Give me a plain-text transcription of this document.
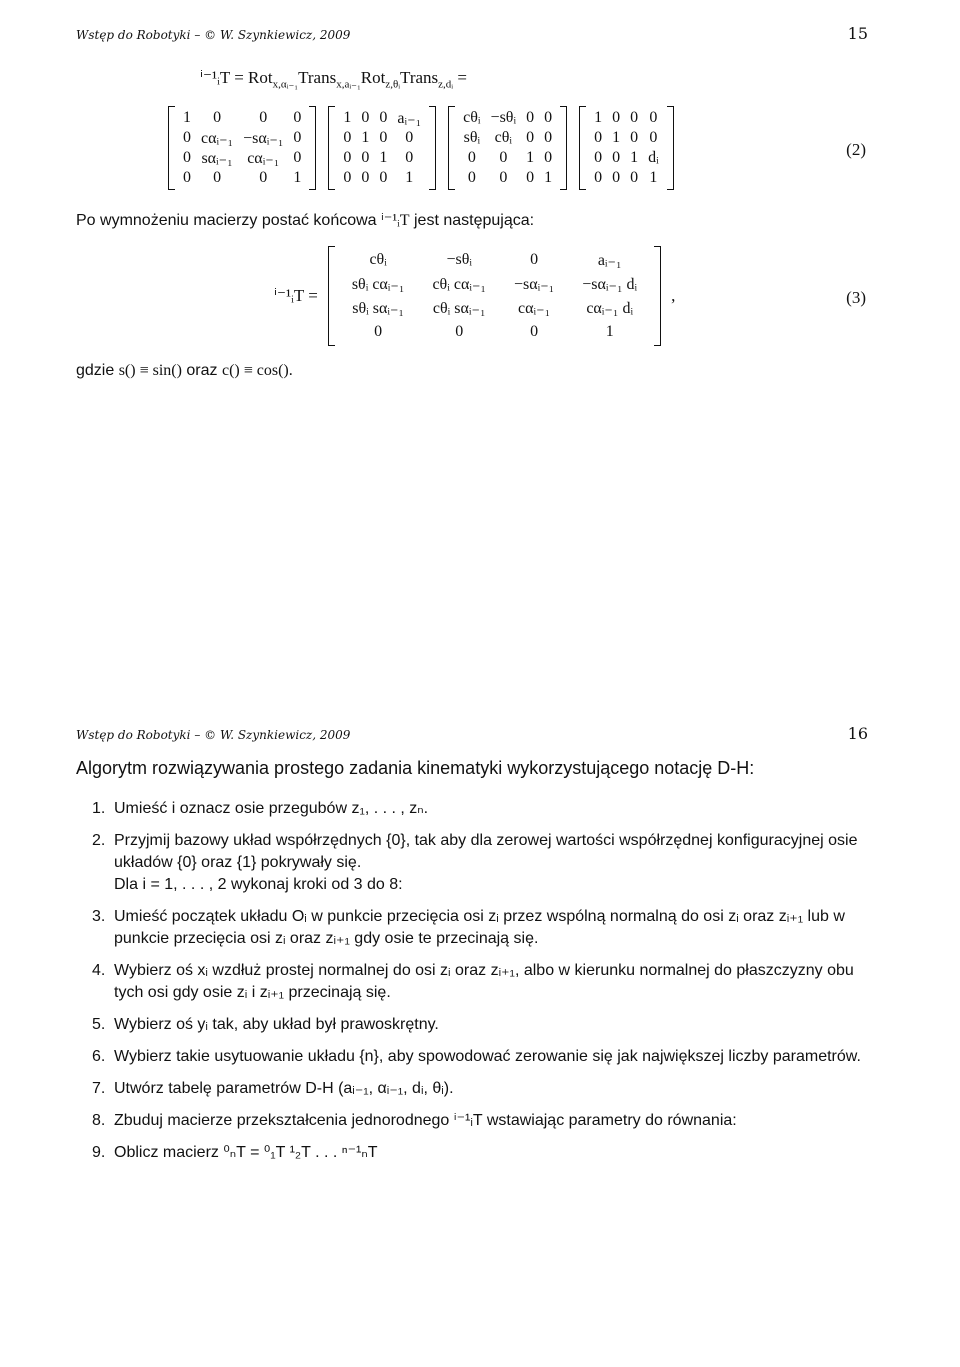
Wstęp do Robotyki – © W. Szynkiewicz, 2009	15
ⁱ⁻¹ᵢT = Rot$_{x,\alpha ᵢ_{-1}}$Trans$_{x,aᵢ_{-1}}$Rot$_{z,\theta ᵢ}$Trans$_{z,dᵢ}$ =
1	0	0	0
0	cαᵢ₋₁	−sαᵢ₋₁	0
0	sαᵢ₋₁	cαᵢ₋₁	0
0	0	0	1
1	0	0	aᵢ₋₁
0	1	0	0
0	0	1	0
0	0	0	1
cθᵢ	−sθᵢ	0	0
sθᵢ	cθᵢ	0	0
0	0	1	0
0	0	0	1
1	0	0	0
0	1	0	0
0	0	1	dᵢ
0	0	0	1
(2)
Po wymnożeniu macierzy postać końcowa ⁱ⁻¹ᵢT jest następująca:
ⁱ⁻¹ᵢT =
cθᵢ	−sθᵢ	0	aᵢ₋₁
sθᵢ cαᵢ₋₁	cθᵢ cαᵢ₋₁	−sαᵢ₋₁	−sαᵢ₋₁ dᵢ
sθᵢ sαᵢ₋₁	cθᵢ sαᵢ₋₁	cαᵢ₋₁	cαᵢ₋₁ dᵢ
0	0	0	1
,	(3)
gdzie s() ≡ sin() oraz c() ≡ cos().
Wstęp do Robotyki – © W. Szynkiewicz, 2009	16
Algorytm rozwiązywania prostego zadania kinematyki wykorzystującego notację D-H:
1. Umieść i oznacz osie przegubów z₁, . . . , zₙ.
2. Przyjmij bazowy układ współrzędnych {0}, tak aby dla zerowej wartości współrzędnej konfiguracyjnej osie układów {0} oraz {1} pokrywały się.
Dla i = 1, . . . , 2 wykonaj kroki od 3 do 8:
3. Umieść początek układu Oᵢ w punkcie przecięcia osi zᵢ przez wspólną normalną do osi zᵢ oraz zᵢ₊₁ lub w punkcie przecięcia osi zᵢ oraz zᵢ₊₁ gdy osie te przecinają się.
4. Wybierz oś xᵢ wzdłuż prostej normalnej do osi zᵢ oraz zᵢ₊₁, albo w kierunku normalnej do płaszczyzny obu tych osi gdy osie zᵢ i zᵢ₊₁ przecinają się.
5. Wybierz oś yᵢ tak, aby układ był prawoskrętny.
6. Wybierz takie usytuowanie układu {n}, aby spowodować zerowanie się jak największej liczby parametrów.
7. Utwórz tabelę parametrów D-H (aᵢ₋₁, αᵢ₋₁, dᵢ, θᵢ).
8. Zbuduj macierze przekształcenia jednorodnego ⁱ⁻¹ᵢT wstawiając parametry do równania:
9. Oblicz macierz ⁰ₙT = ⁰₁T ¹₂T . . . ⁿ⁻¹ₙT
